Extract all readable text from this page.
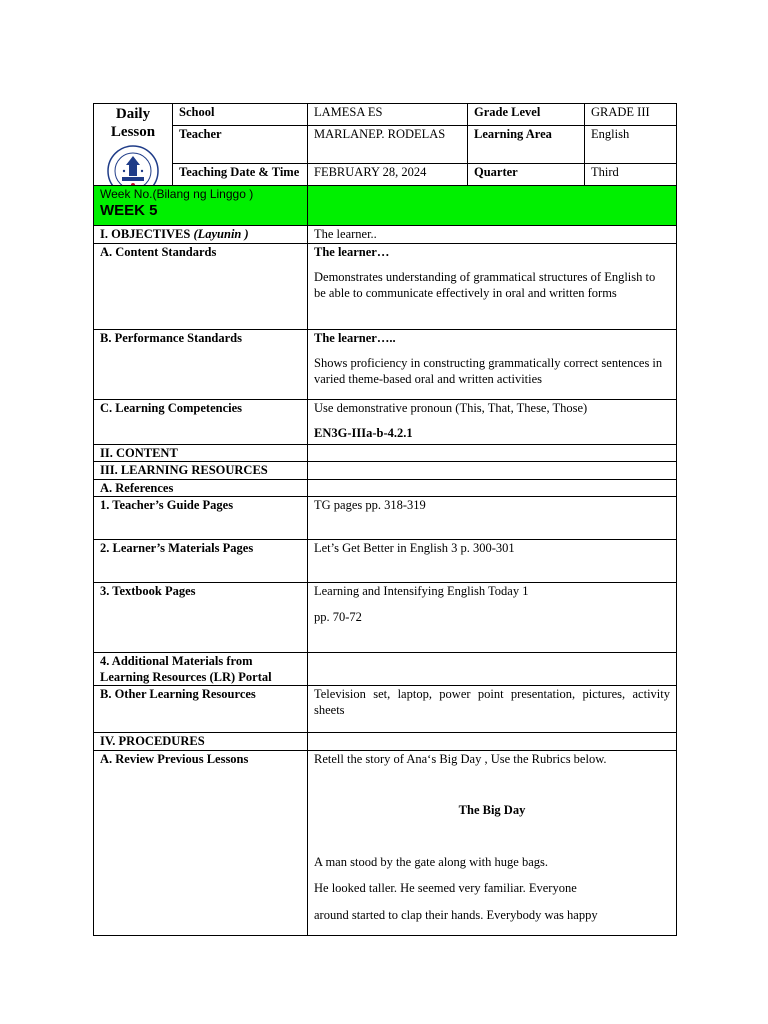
Daily Lesson	School	LAMESA ES	Grade Level	GRADE III
	Teacher	MARLANEP. RODELAS	Learning Area	English
	Teaching Date & Time	FEBRUARY 28, 2024	Quarter	Third
Week No.(Bilang ng Linggo )
WEEK 5	

I. OBJECTIVES (Layunin )	The learner..
A. Content Standards	The learner…

Demonstrates understanding of grammatical structures of English to be able to communicate effectively in oral and written forms

B. Performance Standards	The learner…..

Shows proficiency in constructing grammatically correct sentences in varied theme-based oral and written activities

C. Learning Competencies	Use demonstrative pronoun (This, That, These, Those)

EN3G-IIIa-b-4.2.1

II. CONTENT	
III. LEARNING RESOURCES	
A. References	
1. Teacher’s Guide Pages	TG pages pp. 318-319
2. Learner’s Materials Pages	Let’s Get Better in English 3 p. 300-301
3. Textbook Pages	Learning and Intensifying English Today 1

pp. 70-72

4. Additional Materials from Learning Resources (LR) Portal	
B. Other Learning Resources	Television set, laptop, power point presentation, pictures, activity sheets
IV. PROCEDURES	
A. Review Previous Lessons	Retell the story of Ana‘s Big Day , Use the Rubrics below.

The Big Day

A man stood by the gate along with huge bags.

He looked taller. He seemed very familiar. Everyone

around started to clap their hands. Everybody was happy
